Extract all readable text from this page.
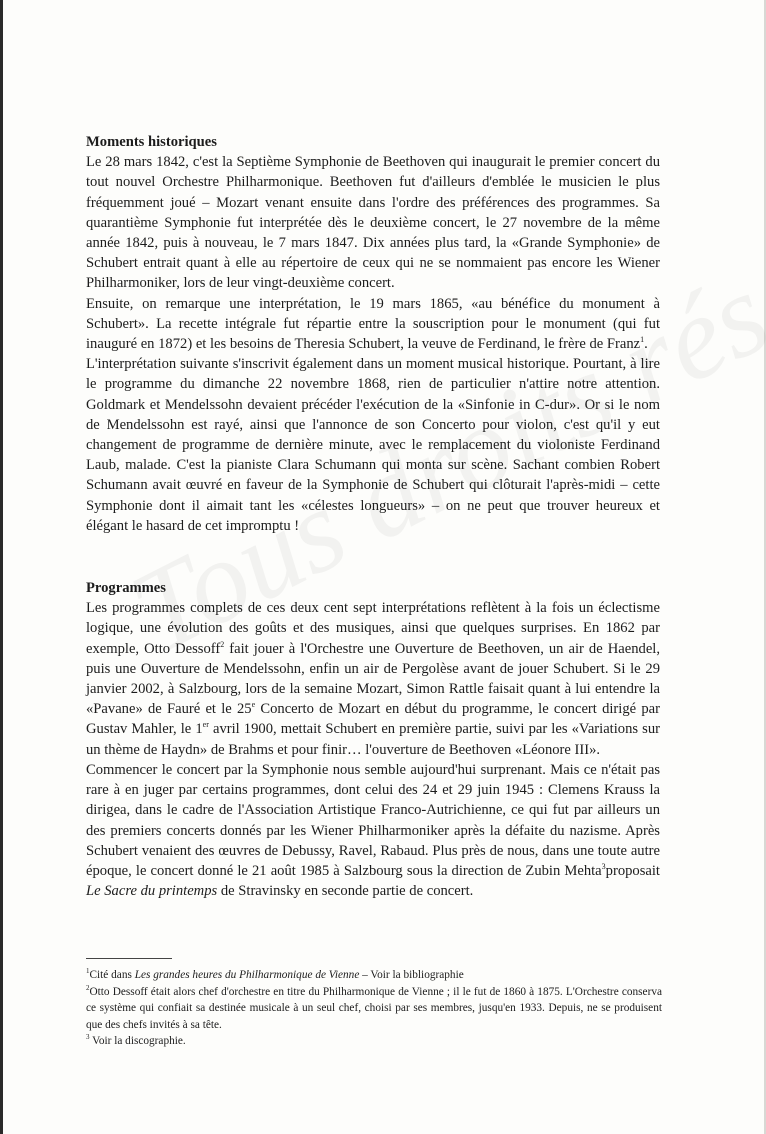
Moments historiques

Le 28 mars 1842, c'est la Septième Symphonie de Beethoven qui inaugurait le premier concert du tout nouvel Orchestre Philharmonique. Beethoven fut d'ailleurs d'emblée le musicien le plus fréquemment joué – Mozart venant ensuite dans l'ordre des préférences des programmes. Sa quarantième Symphonie fut interprétée dès le deuxième concert, le 27 novembre de la même année 1842, puis à nouveau, le 7 mars 1847. Dix années plus tard, la «Grande Symphonie» de Schubert entrait quant à elle au répertoire de ceux qui ne se nommaient pas encore les Wiener Philharmoniker, lors de leur vingt-deuxième concert.

Ensuite, on remarque une interprétation, le 19 mars 1865, «au bénéfice du monument à Schubert». La recette intégrale fut répartie entre la souscription pour le monument (qui fut inauguré en 1872) et les besoins de Theresia Schubert, la veuve de Ferdinand, le frère de Franz$^1$.

L'interprétation suivante s'inscrivit également dans un moment musical historique. Pourtant, à lire le programme du dimanche 22 novembre 1868, rien de particulier n'attire notre attention. Goldmark et Mendelssohn devaient précéder l'exécution de la «Sinfonie in C-dur». Or si le nom de Mendelssohn est rayé, ainsi que l'annonce de son Concerto pour violon, c'est qu'il y eut changement de programme de dernière minute, avec le remplacement du violoniste Ferdinand Laub, malade. C'est la pianiste Clara Schumann qui monta sur scène. Sachant combien Robert Schumann avait œuvré en faveur de la Symphonie de Schubert qui clôturait l'après-midi – cette Symphonie dont il aimait tant les «célestes longueurs» – on ne peut que trouver heureux et élégant le hasard de cet impromptu !

Programmes

Les programmes complets de ces deux cent sept interprétations reflètent à la fois un éclectisme logique, une évolution des goûts et des musiques, ainsi que quelques surprises. En 1862 par exemple, Otto Dessoff$^2$ fait jouer à l'Orchestre une Ouverture de Beethoven, un air de Haendel, puis une Ouverture de Mendelssohn, enfin un air de Pergolèse avant de jouer Schubert. Si le 29 janvier 2002, à Salzbourg, lors de la semaine Mozart, Simon Rattle faisait quant à lui entendre la «Pavane» de Fauré et le 25e Concerto de Mozart en début du programme, le concert dirigé par Gustav Mahler, le 1er avril 1900, mettait Schubert en première partie, suivi par les «Variations sur un thème de Haydn» de Brahms et pour finir… l'ouverture de Beethoven «Léonore III».

Commencer le concert par la Symphonie nous semble aujourd'hui surprenant. Mais ce n'était pas rare à en juger par certains programmes, dont celui des 24 et 29 juin 1945 : Clemens Krauss la dirigea, dans le cadre de l'Association Artistique Franco-Autrichienne, ce qui fut par ailleurs un des premiers concerts donnés par les Wiener Philharmoniker après la défaite du nazisme. Après Schubert venaient des œuvres de Debussy, Ravel, Rabaud. Plus près de nous, dans une toute autre époque, le concert donné le 21 août 1985 à Salzbourg sous la direction de Zubin Mehta$^3$proposait Le Sacre du printemps de Stravinsky en seconde partie de concert.

$^1$Cité dans Les grandes heures du Philharmonique de Vienne – Voir la bibliographie

$^2$Otto Dessoff était alors chef d'orchestre en titre du Philharmonique de Vienne ; il le fut de 1860 à 1875. L'Orchestre conserva ce système qui confiait sa destinée musicale à un seul chef, choisi par ses membres, jusqu'en 1933. Depuis, ne se produisent que des chefs invités à sa tête.

$^3$ Voir la discographie.
